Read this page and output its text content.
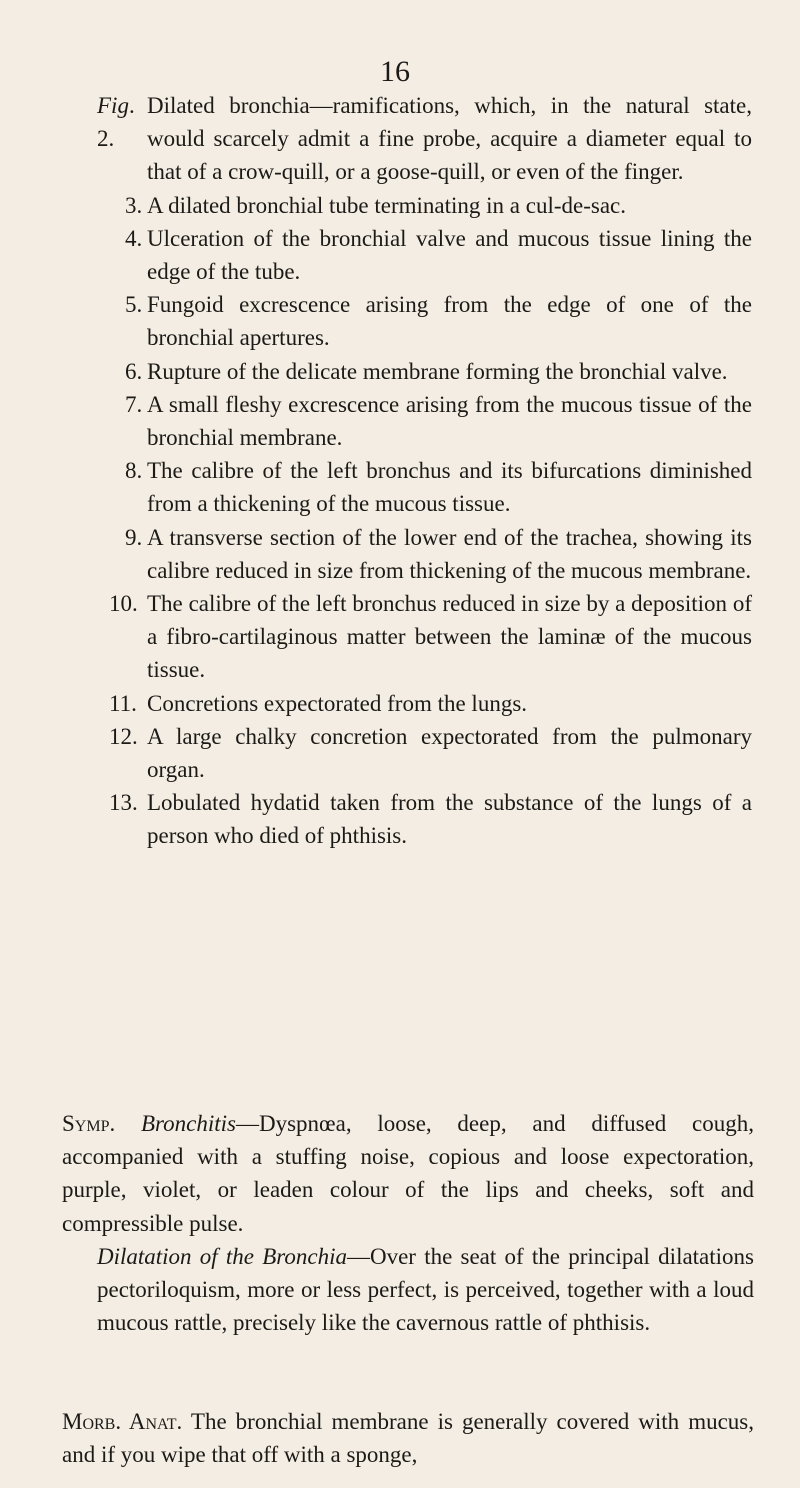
16
Fig. 2.
Dilated bronchia—ramifications, which, in the natural state, would scarcely admit a fine probe, acquire a diameter equal to that of a crow-quill, or a goose-quill, or even of the finger.
3. A dilated bronchial tube terminating in a cul-de-sac.
4. Ulceration of the bronchial valve and mucous tissue lining the edge of the tube.
5. Fungoid excrescence arising from the edge of one of the bronchial apertures.
6. Rupture of the delicate membrane forming the bronchial valve.
7. A small fleshy excrescence arising from the mucous tissue of the bronchial membrane.
8. The calibre of the left bronchus and its bifurcations diminished from a thickening of the mucous tissue.
9. A transverse section of the lower end of the trachea, showing its calibre reduced in size from thickening of the mucous membrane.
10. The calibre of the left bronchus reduced in size by a deposition of a fibro-cartilaginous matter between the laminæ of the mucous tissue.
11. Concretions expectorated from the lungs.
12. A large chalky concretion expectorated from the pulmonary organ.
13. Lobulated hydatid taken from the substance of the lungs of a person who died of phthisis.
Symp. Bronchitis—Dyspnœa, loose, deep, and diffused cough, accompanied with a stuffing noise, copious and loose expectoration, purple, violet, or leaden colour of the lips and cheeks, soft and compressible pulse.
Dilatation of the Bronchia—Over the seat of the principal dilatations pectoriloquism, more or less perfect, is perceived, together with a loud mucous rattle, precisely like the cavernous rattle of phthisis.
Morb. Anat. The bronchial membrane is generally covered with mucus, and if you wipe that off with a sponge,
